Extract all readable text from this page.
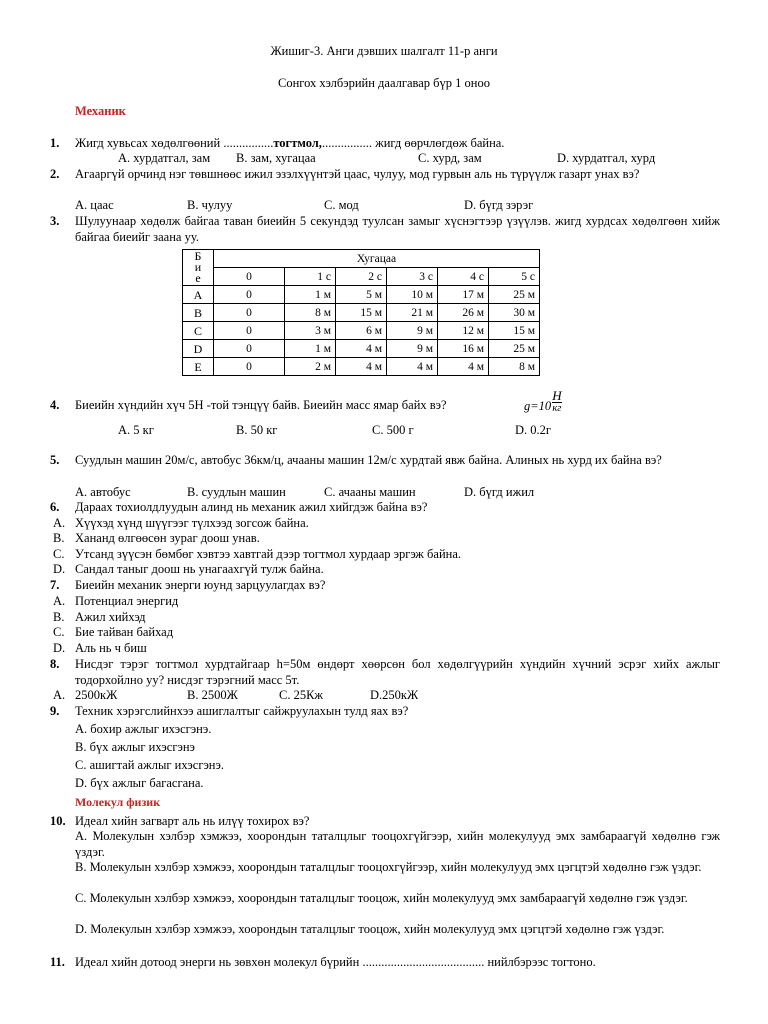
Жишиг-3. Анги дэвших шалгалт 11-р анги
Сонгох хэлбэрийн даалгавар бүр 1 оноо
Механик
1.	Жигд хувьсах хөдөлгөөний ................тогтмол,................ жигд өөрчлөгдөж байна.
А. хурдатгал, зам В. зам, хугацаа	С. хурд, зам	D. хурдатгал, хурд
2.	Агааргүй орчинд нэг төвшнөөс ижил эзэлхүүнтэй цаас, чулуу, мод гурвын аль нь түрүүлж газарт унах вэ?
А. цаас	В. чулуу	С. мод	D. бүгд зэрэг
3.	Шулуунаар хөдөлж байгаа таван биеийн 5 секундэд туулсан замыг хүснэгтээр үзүүлэв. жигд хурдсах хөдөлгөөн хийж байгаа биеийг заана уу.
Б
и
е	Хугацаа					
	0	1 с	2 с	3 с	4 с	5 с
A	0	1 м	5 м	10 м	17 м	25 м
B	0	8 м	15 м	21 м	26 м	30 м
C	0	3 м	6 м	9 м	12 м	15 м
D	0	1 м	4 м	9 м	16 м	25 м
E	0	2 м	4 м	4 м	4 м	8 м
4.	Биеийн хүндийн хүч 5Н -той тэнцүү байв. Биеийн масс ямар байх вэ?	g=10
Н
кг
А. 5 кг	В. 50 кг	С. 500 г	D. 0.2г
5.	Суудлын машин 20м/с, автобус 36км/ц, ачааны машин 12м/с хурдтай явж байна. Алиных нь хурд их байна вэ?
А. автобус	В. суудлын машин	С. ачааны машин	D. бүгд ижил
6.	Дараах тохиолдлуудын алинд нь механик ажил хийгдэж байна вэ?
A. Хүүхэд хүнд шүүгээг түлхээд зогсож байна.
B. Хананд өлгөөсөн зураг доош унав.
C. Утсанд зүүсэн бөмбөг хэвтээ хавтгай дээр тогтмол хурдаар эргэж байна.
D. Сандал таныг доош нь унагаахгүй тулж байна.
7.	Биеийн механик энерги юунд зарцуулагдах вэ?
A. Потенциал энергид
B. Ажил хийхэд
C. Бие тайван байхад
D. Аль нь ч биш
8.	Нисдэг тэрэг тогтмол хурдтайгаар h=50м өндөрт хөөрсөн бол хөдөлгүүрийн хүндийн хүчний эсрэг хийх ажлыг тодорхойлно уу? нисдэг тэрэгний масс 5т.
A. 2500кЖ	В. 2500Ж	С. 25Кж	D.250кЖ
9.	Техник хэрэгслийнхээ ашиглалтыг сайжруулахын тулд яах вэ?
А. бохир ажлыг ихэсгэнэ.
В. бүх ажлыг ихэсгэнэ
С. ашигтай ажлыг ихэсгэнэ.
D. бүх ажлыг багасгана.
Молекул физик
10. Идеал хийн загварт аль нь илүү тохирох вэ?
А. Молекулын хэлбэр хэмжээ, хоорондын таталцлыг тооцохгүйгээр, хийн молекулууд эмх замбараагүй хөдөлнө гэж үздэг.
В. Молекулын хэлбэр хэмжээ, хоорондын таталцлыг тооцохгүйгээр, хийн молекулууд эмх цэгцтэй хөдөлнө гэж үздэг.
С. Молекулын хэлбэр хэмжээ, хоорондын таталцлыг тооцож, хийн молекулууд эмх замбараагүй хөдөлнө гэж үздэг.
D. Молекулын хэлбэр хэмжээ, хоорондын таталцлыг тооцож, хийн молекулууд эмх цэгцтэй хөдөлнө гэж үздэг.
11. Идеал хийн дотоод энерги нь зөвхөн молекул бүрийн ....................................... нийлбэрээс тогтоно.
